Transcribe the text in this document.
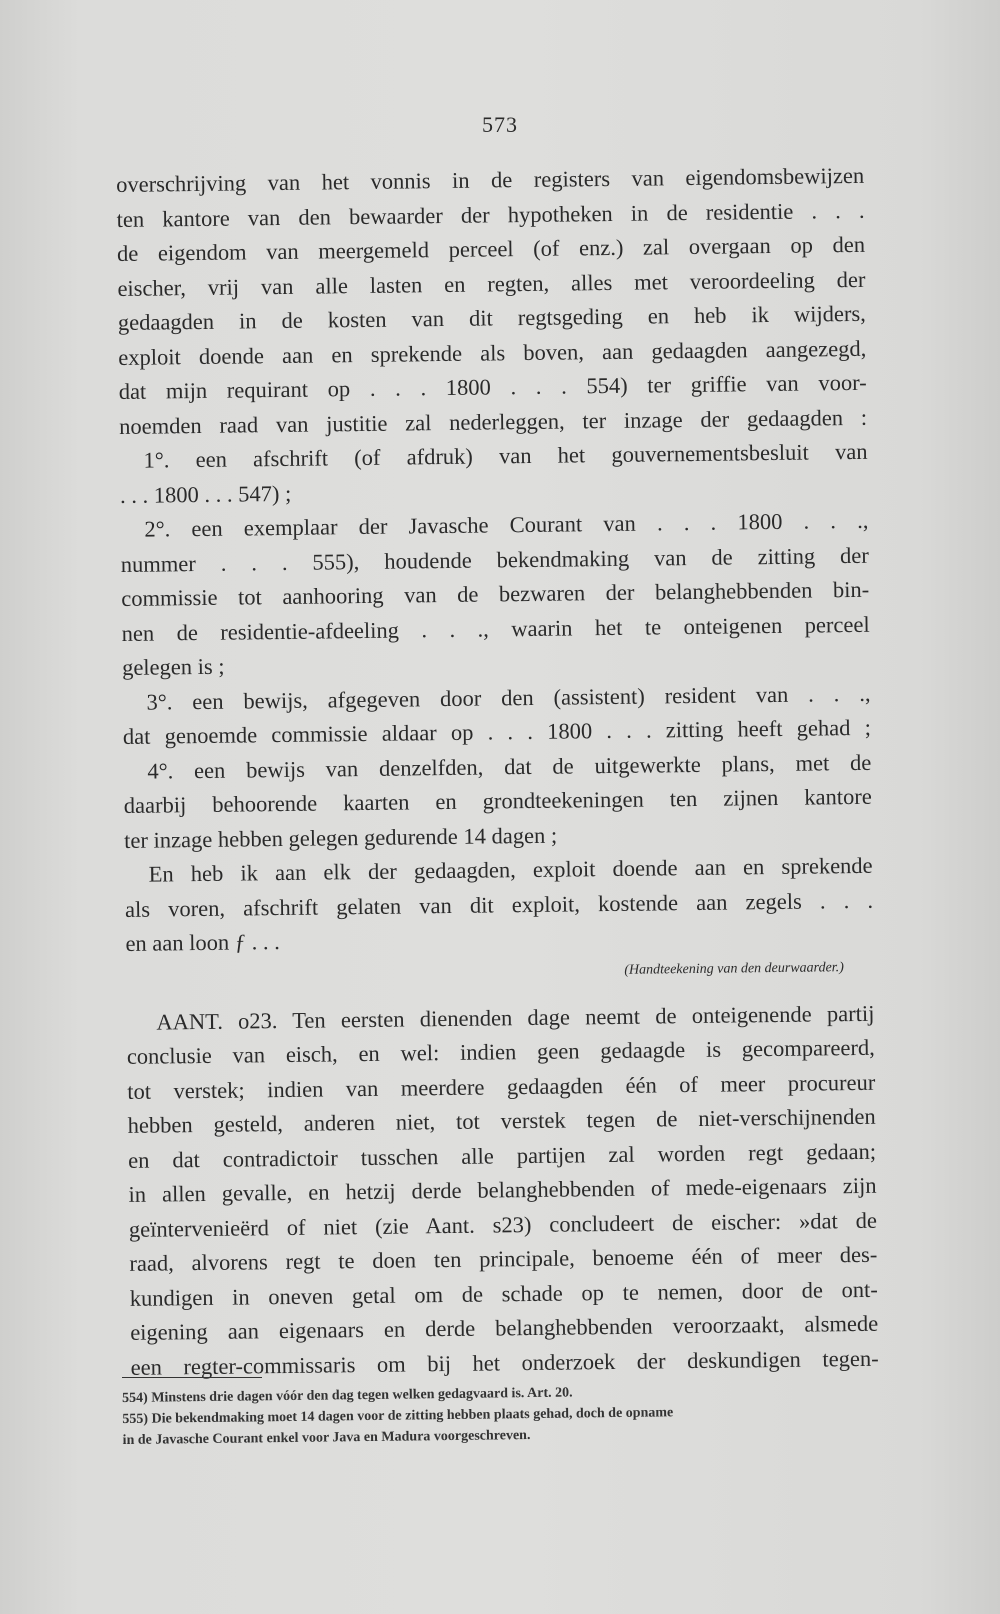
573
overschrijving van het vonnis in de registers van eigendomsbewijzen
ten kantore van den bewaarder der hypotheken in de residentie . . .
de eigendom van meergemeld perceel (of enz.) zal overgaan op den
eischer, vrij van alle lasten en regten, alles met veroordeeling der
gedaagden in de kosten van dit regtsgeding en heb ik wijders,
exploit doende aan en sprekende als boven, aan gedaagden aangezegd,
dat mijn requirant op . . . 1800 . . . 554) ter griffie van voor-
noemden raad van justitie zal nederleggen, ter inzage der gedaagden :
1°. een afschrift (of afdruk) van het gouvernementsbesluit van
. . . 1800 . . . 547) ;
2°. een exemplaar der Javasche Courant van . . . 1800 . . .,
nummer . . . 555), houdende bekendmaking van de zitting der
commissie tot aanhooring van de bezwaren der belanghebbenden bin-
nen de residentie-afdeeling . . ., waarin het te onteigenen perceel
gelegen is ;
3°. een bewijs, afgegeven door den (assistent) resident van . . .,
dat genoemde commissie aldaar op . . . 1800 . . . zitting heeft gehad ;
4°. een bewijs van denzelfden, dat de uitgewerkte plans, met de
daarbij behoorende kaarten en grondteekeningen ten zijnen kantore
ter inzage hebben gelegen gedurende 14 dagen ;
En heb ik aan elk der gedaagden, exploit doende aan en sprekende
als voren, afschrift gelaten van dit exploit, kostende aan zegels . . .
en aan loon ƒ . . .
(Handteekening van den deurwaarder.)
AANT. o23. Ten eersten dienenden dage neemt de onteigenende partij
conclusie van eisch, en wel: indien geen gedaagde is gecompareerd,
tot verstek; indien van meerdere gedaagden één of meer procureur
hebben gesteld, anderen niet, tot verstek tegen de niet-verschijnenden
en dat contradictoir tusschen alle partijen zal worden regt gedaan;
in allen gevalle, en hetzij derde belanghebbenden of mede-eigenaars zijn
geïntervenieërd of niet (zie Aant. s23) concludeert de eischer: »dat de
raad, alvorens regt te doen ten principale, benoeme één of meer des-
kundigen in oneven getal om de schade op te nemen, door de ont-
eigening aan eigenaars en derde belanghebbenden veroorzaakt, alsmede
een regter-commissaris om bij het onderzoek der deskundigen tegen-
554) Minstens drie dagen vóór den dag tegen welken gedagvaard is. Art. 20.
555) Die bekendmaking moet 14 dagen voor de zitting hebben plaats gehad, doch de opname
in de Javasche Courant enkel voor Java en Madura voorgeschreven.
